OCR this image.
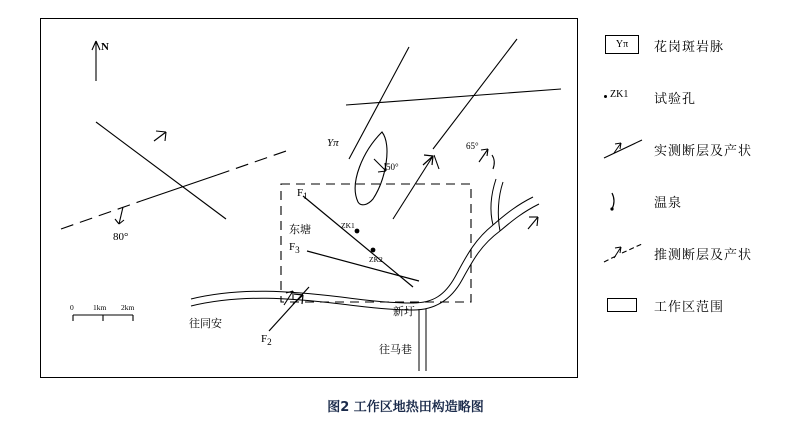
N
80°
50°
65°
Yπ
$F_1$
$F_3$
$F_2$
ZK1
ZK2
东塘
往同安
新圩
往马巷
0	1km 2km
Yπ	花岗斑岩脉
ZK1 试验孔
实测断层及产状
温泉
推测断层及产状
工作区范围
图2 工作区地热田构造略图
